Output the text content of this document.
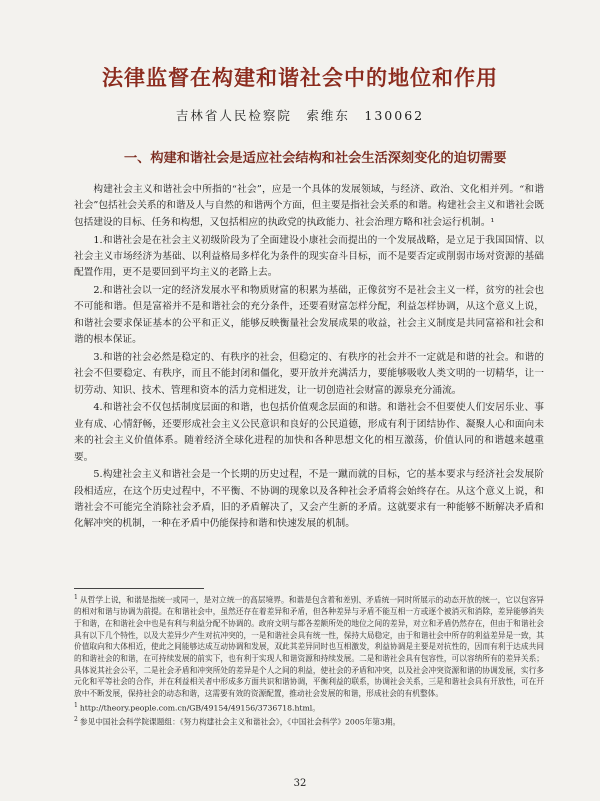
法律监督在构建和谐社会中的地位和作用
吉林省人民检察院　索维东　130062
一、构建和谐社会是适应社会结构和社会生活深刻变化的迫切需要

构建社会主义和谐社会中所指的“社会”，应是一个具体的发展领域，与经济、政治、文化相并列。“和谐社会”包括社会关系的和谐及人与自然的和谐两个方面，但主要是指社会关系的和谐。构建社会主义和谐社会既包括建设的目标、任务和构想，又包括相应的执政党的执政能力、社会治理方略和社会运行机制。¹

1.和谐社会是在社会主义初级阶段为了全面建设小康社会而提出的一个发展战略，是立足于我国国情、以社会主义市场经济为基础、以利益格局多样化为条件的现实奋斗目标，而不是要否定或削弱市场对资源的基础配置作用，更不是要回到平均主义的老路上去。

2.和谐社会以一定的经济发展水平和物质财富的积累为基础，正像贫穷不是社会主义一样，贫穷的社会也不可能和谐。但是富裕并不是和谐社会的充分条件，还要看财富怎样分配，利益怎样协调，从这个意义上说，和谐社会要求保证基本的公平和正义，能够反映衡量社会发展成果的收益，社会主义制度是共同富裕和社会和谐的根本保证。

3.和谐的社会必然是稳定的、有秩序的社会，但稳定的、有秩序的社会并不一定就是和谐的社会。和谐的社会不但要稳定、有秩序，而且不能封闭和僵化，要开放并充满活力，要能够吸收人类文明的一切精华，让一切劳动、知识、技术、管理和资本的活力竞相迸发，让一切创造社会财富的源泉充分涌流。

4.和谐社会不仅包括制度层面的和谐，也包括价值观念层面的和谐。和谐社会不但要使人们安居乐业、事业有成、心情舒畅，还要形成社会主义公民意识和良好的公民道德，形成有利于团结协作、凝聚人心和面向未来的社会主义价值体系。随着经济全球化进程的加快和各种思想文化的相互激荡，价值认同的和谐越来越重要。

5.构建社会主义和谐社会是一个长期的历史过程，不是一蹴而就的目标，它的基本要求与经济社会发展阶段相适应，在这个历史过程中，不平衡、不协调的现象以及各种社会矛盾将会始终存在。从这个意义上说，和谐社会不可能完全消除社会矛盾，旧的矛盾解决了，又会产生新的矛盾。这就要求有一种能够不断解决矛盾和化解冲突的机制，一种在矛盾中仍能保持和谐和快速发展的机制。

$^1$ 从哲学上说，和谐是指统一或同一，是对立统一的高层境界。和谐是包含着和差别、矛盾统一同时所展示的动态开放的统一，它以包容异的相对和谐与协调为前提。在和谐社会中，虽然还存在着差异和矛盾，但各种差异与矛盾不能互相一方或逐个被消灭和消除，差异能够消失于和谐，在和谐社会中也是有利与利益分配不协调的。政府文明与都各差额所处的地位之间的差异，对立和矛盾仍然存在，但由于和谐社会具有以下几个特性，以及大差异少产生对抗冲突的，一是和谐社会具有统一性，保持大局稳定，由于和谐社会中所存的利益差异是一致，其价值取向和大体相近，使此之间能够达成互动协调和发展，双此其差异同时也互相激发，利益协调是主要是对抗性的，因而有利于达成共同的和谐社会的和谐，在可持续发展的前实下，也有利于实现人和谐资源和持续发展。二是和谐社会具有包容性，可以容纳所有的差异关系；具体说其社会公平，二是社会矛盾和冲突所处的差异是个人之间的利益，使社会的矛盾和冲突，以及社会冲突资源和谐的协调发展，实行多元化和平等社会的合作，并在利益相关者中形成多方面共识和谐协调，平衡利益的联系，协调社会关系，三是和谐社会具有开放性，可在开放中不断发展，保持社会的动态和谐，这需要有效的资源配置，推动社会发展的和谐，形成社会的有机整体。

$^1$ http://theory.people.com.cn/GB/49154/49156/3736718.html。

$^2$ 参见中国社会科学院课题组：《努力构建社会主义和谐社会》，《中国社会科学》2005年第3期。

32
